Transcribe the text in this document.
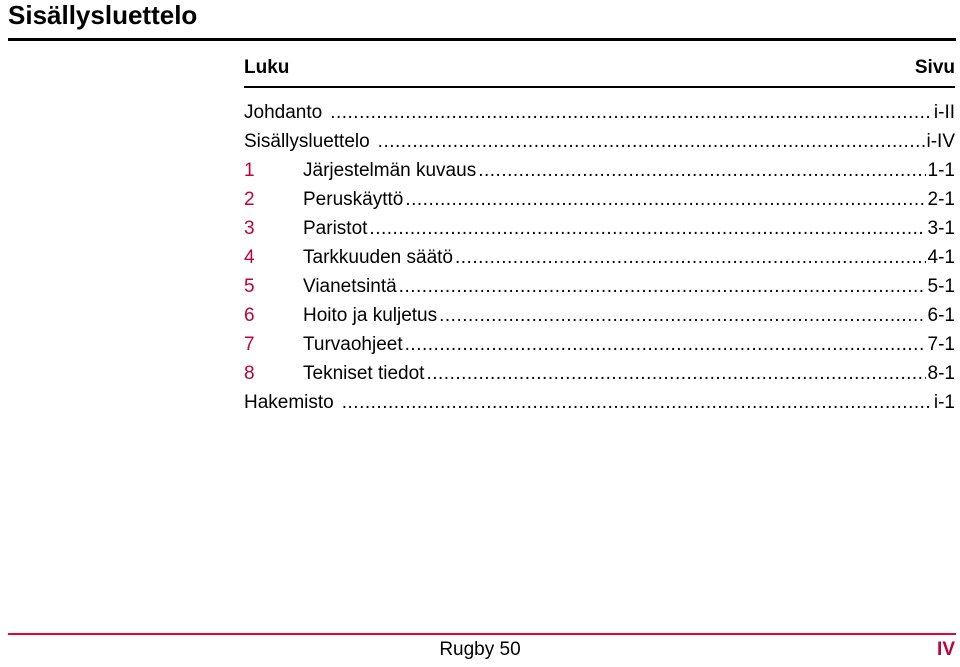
Sisällysluettelo
Luku	Sivu
Johdanto .....	i-II
Sisällysluettelo .....	i-IV
1	Järjestelmän kuvaus .....	1-1
2	Peruskäyttö .....	2-1
3	Paristot .....	3-1
4	Tarkkuuden säätö .....	4-1
5	Vianetsintä .....	5-1
6	Hoito ja kuljetus .....	6-1
7	Turvaohjeet .....	7-1
8	Tekniset tiedot .....	8-1
Hakemisto .....	i-1
Rugby 50	IV
